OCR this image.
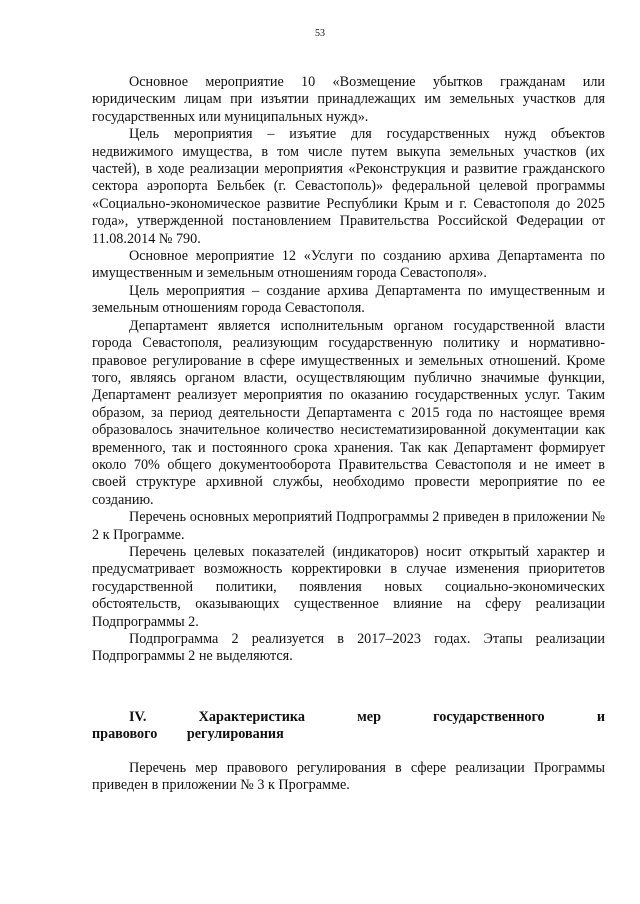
53

Основное мероприятие 10 «Возмещение убытков гражданам или юридическим лицам при изъятии принадлежащих им земельных участков для государственных или муниципальных нужд».

Цель мероприятия – изъятие для государственных нужд объектов недвижимого имущества, в том числе путем выкупа земельных участков (их частей), в ходе реализации мероприятия «Реконструкция и развитие гражданского сектора аэропорта Бельбек (г. Севастополь)» федеральной целевой программы «Социально-экономическое развитие Республики Крым и г. Севастополя до 2025 года», утвержденной постановлением Правительства Российской Федерации от 11.08.2014 № 790.

Основное мероприятие 12 «Услуги по созданию архива Департамента по имущественным и земельным отношениям города Севастополя».

Цель мероприятия – создание архива Департамента по имущественным и земельным отношениям города Севастополя.

Департамент является исполнительным органом государственной власти города Севастополя, реализующим государственную политику и нормативно-правовое регулирование в сфере имущественных и земельных отношений. Кроме того, являясь органом власти, осуществляющим публично значимые функции, Департамент реализует мероприятия по оказанию государственных услуг. Таким образом, за период деятельности Департамента с 2015 года по настоящее время образовалось значительное количество несистематизированной документации как временного, так и постоянного срока хранения. Так как Департамент формирует около 70% общего документооборота Правительства Севастополя и не имеет в своей структуре архивной службы, необходимо провести мероприятие по ее созданию.

Перечень основных мероприятий Подпрограммы 2 приведен в приложении № 2 к Программе.

Перечень целевых показателей (индикаторов) носит открытый характер и предусматривает возможность корректировки в случае изменения приоритетов государственной политики, появления новых социально-экономических обстоятельств, оказывающих существенное влияние на сферу реализации Подпрограммы 2.

Подпрограмма 2 реализуется в 2017–2023 годах. Этапы реализации Подпрограммы 2 не выделяются.

IV. Характеристика мер государственного и правового регулирования

Перечень мер правового регулирования в сфере реализации Программы приведен в приложении № 3 к Программе.
